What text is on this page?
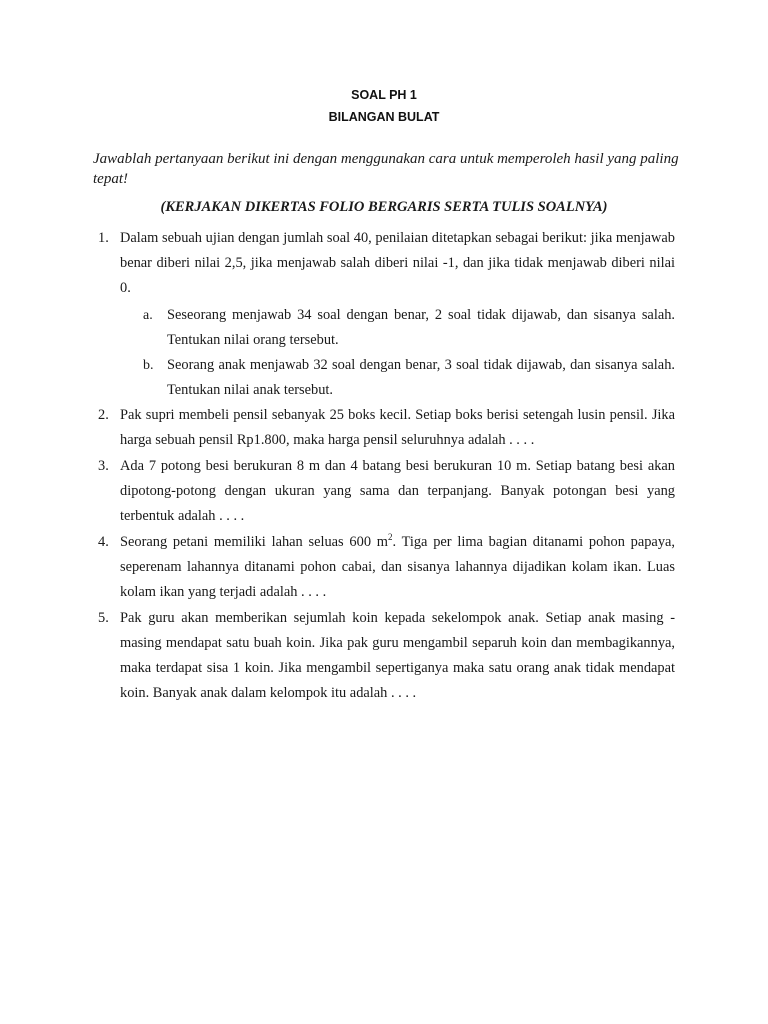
SOAL PH 1
BILANGAN BULAT
Jawablah pertanyaan berikut ini dengan menggunakan cara untuk memperoleh hasil yang paling tepat!
(KERJAKAN DIKERTAS FOLIO BERGARIS SERTA TULIS SOALNYA)
1. Dalam sebuah ujian dengan jumlah soal 40, penilaian ditetapkan sebagai berikut: jika menjawab benar diberi nilai 2,5, jika menjawab salah diberi nilai -1, dan jika tidak menjawab diberi nilai 0.
a. Seseorang menjawab 34 soal dengan benar, 2 soal tidak dijawab, dan sisanya salah. Tentukan nilai orang tersebut.
b. Seorang anak menjawab 32 soal dengan benar, 3 soal tidak dijawab, dan sisanya salah. Tentukan nilai anak tersebut.
2. Pak supri membeli pensil sebanyak 25 boks kecil. Setiap boks berisi setengah lusin pensil. Jika harga sebuah pensil Rp1.800, maka harga pensil seluruhnya adalah . . . .
3. Ada 7 potong besi berukuran 8 m dan 4 batang besi berukuran 10 m. Setiap batang besi akan dipotong-potong dengan ukuran yang sama dan terpanjang. Banyak potongan besi yang terbentuk adalah . . . .
4. Seorang petani memiliki lahan seluas 600 $m^2$. Tiga per lima bagian ditanami pohon papaya, seperenam lahannya ditanami pohon cabai, dan sisanya lahannya dijadikan kolam ikan. Luas kolam ikan yang terjadi adalah . . . .
5. Pak guru akan memberikan sejumlah koin kepada sekelompok anak. Setiap anak masing - masing mendapat satu buah koin. Jika pak guru mengambil separuh koin dan membagikannya, maka terdapat sisa 1 koin. Jika mengambil sepertiganya maka satu orang anak tidak mendapat koin. Banyak anak dalam kelompok itu adalah . . . .
